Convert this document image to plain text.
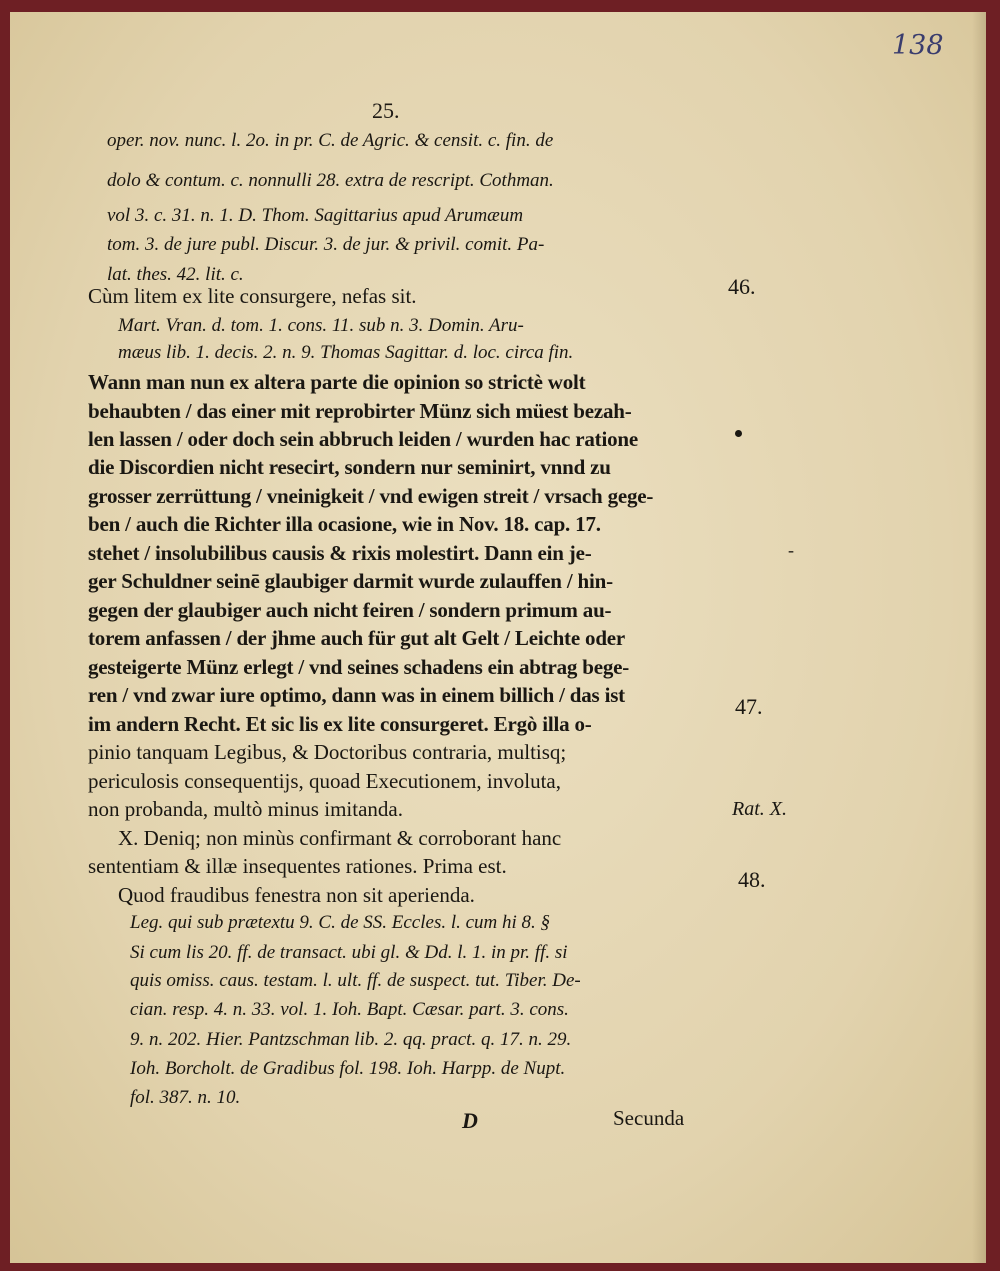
138
25.
oper. nov. nunc. l. 2o. in pr. C. de Agric. & censit. c. fin. de
dolo & contum. c. nonnulli 28. extra de rescript. Cothman.
vol 3. c. 31. n. 1. D. Thom. Sagittarius apud Arumæum
tom. 3. de jure publ. Discur. 3. de jur. & privil. comit. Pa-
lat. thes. 42. lit. c.
Cùm litem ex lite consurgere, nefas sit.
Mart. Vran. d. tom. 1. cons. 11. sub n. 3. Domin. Aru-
mæus lib. 1. decis. 2. n. 9. Thomas Sagittar. d. loc. circa fin.
Wann man nun ex altera parte die opinion so strictè wolt
behaubten / das einer mit reprobirter Münz sich müest bezah-
len lassen / oder doch sein abbruch leiden / wurden hac ratione
die Discordien nicht resecirt, sondern nur seminirt, vnnd zu
grosser zerrüttung / vneinigkeit / vnd ewigen streit / vrsach gege-
ben / auch die Richter illa ocasione, wie in Nov. 18. cap. 17.
stehet / insolubilibus causis & rixis molestirt. Dann ein je-
ger Schuldner seinē glaubiger darmit wurde zulauffen / hin-
gegen der glaubiger auch nicht feiren / sondern primum au-
torem anfassen / der jhme auch für gut alt Gelt / Leichte oder
gesteigerte Münz erlegt / vnd seines schadens ein abtrag bege-
ren / vnd zwar iure optimo, dann was in einem billich / das ist
im andern Recht. Et sic lis ex lite consurgeret. Ergò illa o-
pinio tanquam Legibus, & Doctoribus contraria, multisq;
periculosis consequentijs, quoad Executionem, involuta,
non probanda, multò minus imitanda.
X. Deniq; non minùs confirmant & corroborant hanc
sententiam & illæ insequentes rationes. Prima est.
Quod fraudibus fenestra non sit aperienda.
Leg. qui sub prætextu 9. C. de SS. Eccles. l. cum hi 8. §
Si cum lis 20. ff. de transact. ubi gl. & Dd. l. 1. in pr. ff. si
quis omiss. caus. testam. l. ult. ff. de suspect. tut. Tiber. De-
cian. resp. 4. n. 33. vol. 1. Ioh. Bapt. Cæsar. part. 3. cons.
9. n. 202. Hier. Pantzschman lib. 2. qq. pract. q. 17. n. 29.
Ioh. Borcholt. de Gradibus fol. 198. Ioh. Harpp. de Nupt.
fol. 387. n. 10.
46.
-
47.
Rat. X.
48.
D	Secunda
